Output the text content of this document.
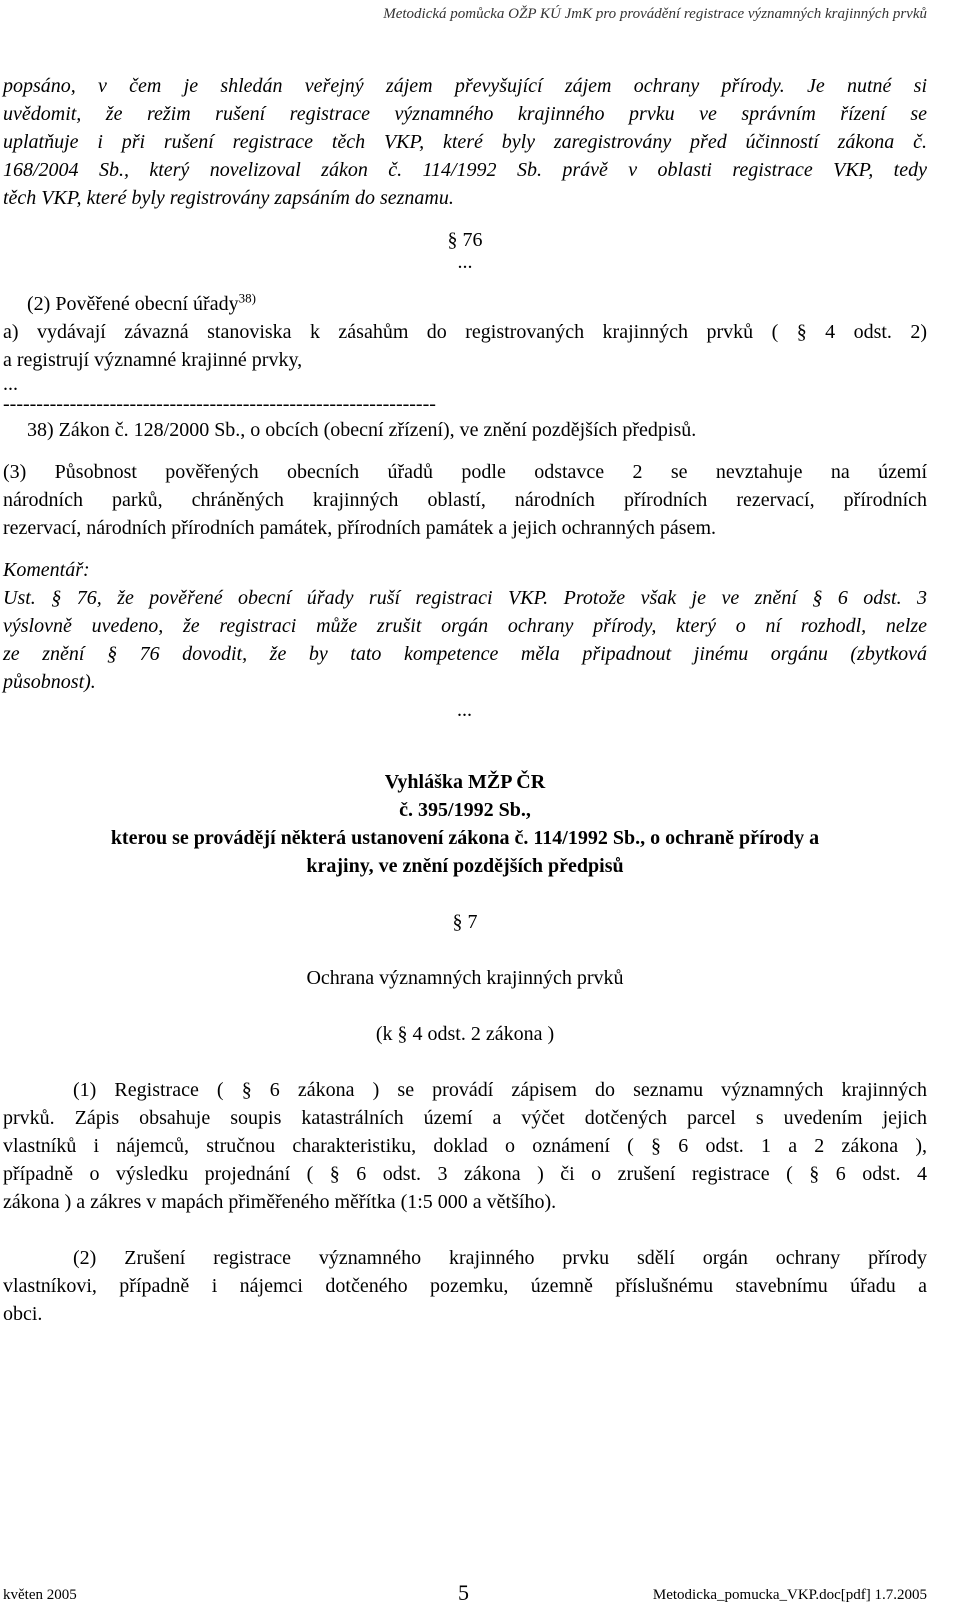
Metodická pomůcka OŽP KÚ JmK pro provádění registrace významných krajinných prvků
popsáno, v čem je shledán veřejný zájem převyšující zájem ochrany přírody. Je nutné si
uvědomit, že režim rušení registrace významného krajinného prvku ve správním řízení se
uplatňuje i při rušení registrace těch VKP, které byly zaregistrovány před účinností zákona č.
168/2004 Sb., který novelizoval zákon č. 114/1992 Sb. právě v oblasti registrace VKP, tedy
těch VKP, které byly registrovány zapsáním do seznamu.
§ 76
...
(2) Pověřené obecní úřady$^{38)}$
a) vydávají závazná stanoviska k zásahům do registrovaných krajinných prvků ( § 4 odst. 2)
a registrují významné krajinné prvky,
...
-----------------------------------------------------------------
38) Zákon č. 128/2000 Sb., o obcích (obecní zřízení), ve znění pozdějších předpisů.
(3) Působnost pověřených obecních úřadů podle odstavce 2 se nevztahuje na území
národních parků, chráněných krajinných oblastí, národních přírodních rezervací, přírodních
rezervací, národních přírodních památek, přírodních památek a jejich ochranných pásem.
Komentář:
Ust. § 76, že pověřené obecní úřady ruší registraci VKP. Protože však je ve znění § 6 odst. 3
výslovně uvedeno, že registraci může zrušit orgán ochrany přírody, který o ní rozhodl, nelze
ze znění § 76 dovodit, že by tato kompetence měla připadnout jinému orgánu (zbytková
působnost).
...
Vyhláška MŽP ČR
č. 395/1992 Sb.,
kterou se provádějí některá ustanovení zákona č. 114/1992 Sb., o ochraně přírody a
krajiny, ve znění pozdějších předpisů
§ 7
Ochrana významných krajinných prvků
(k § 4 odst. 2 zákona )
(1) Registrace ( § 6 zákona ) se provádí zápisem do seznamu významných krajinných
prvků. Zápis obsahuje soupis katastrálních území a výčet dotčených parcel s uvedením jejich
vlastníků i nájemců, stručnou charakteristiku, doklad o oznámení ( § 6 odst. 1 a 2 zákona ),
případně o výsledku projednání ( § 6 odst. 3 zákona ) či o zrušení registrace ( § 6 odst. 4
zákona ) a zákres v mapách přiměřeného měřítka (1:5 000 a většího).
(2) Zrušení registrace významného krajinného prvku sdělí orgán ochrany přírody
vlastníkovi, případně i nájemci dotčeného pozemku, územně příslušnému stavebnímu úřadu a
obci.
květen 2005	5	Metodicka_pomucka_VKP.doc[pdf] 1.7.2005
